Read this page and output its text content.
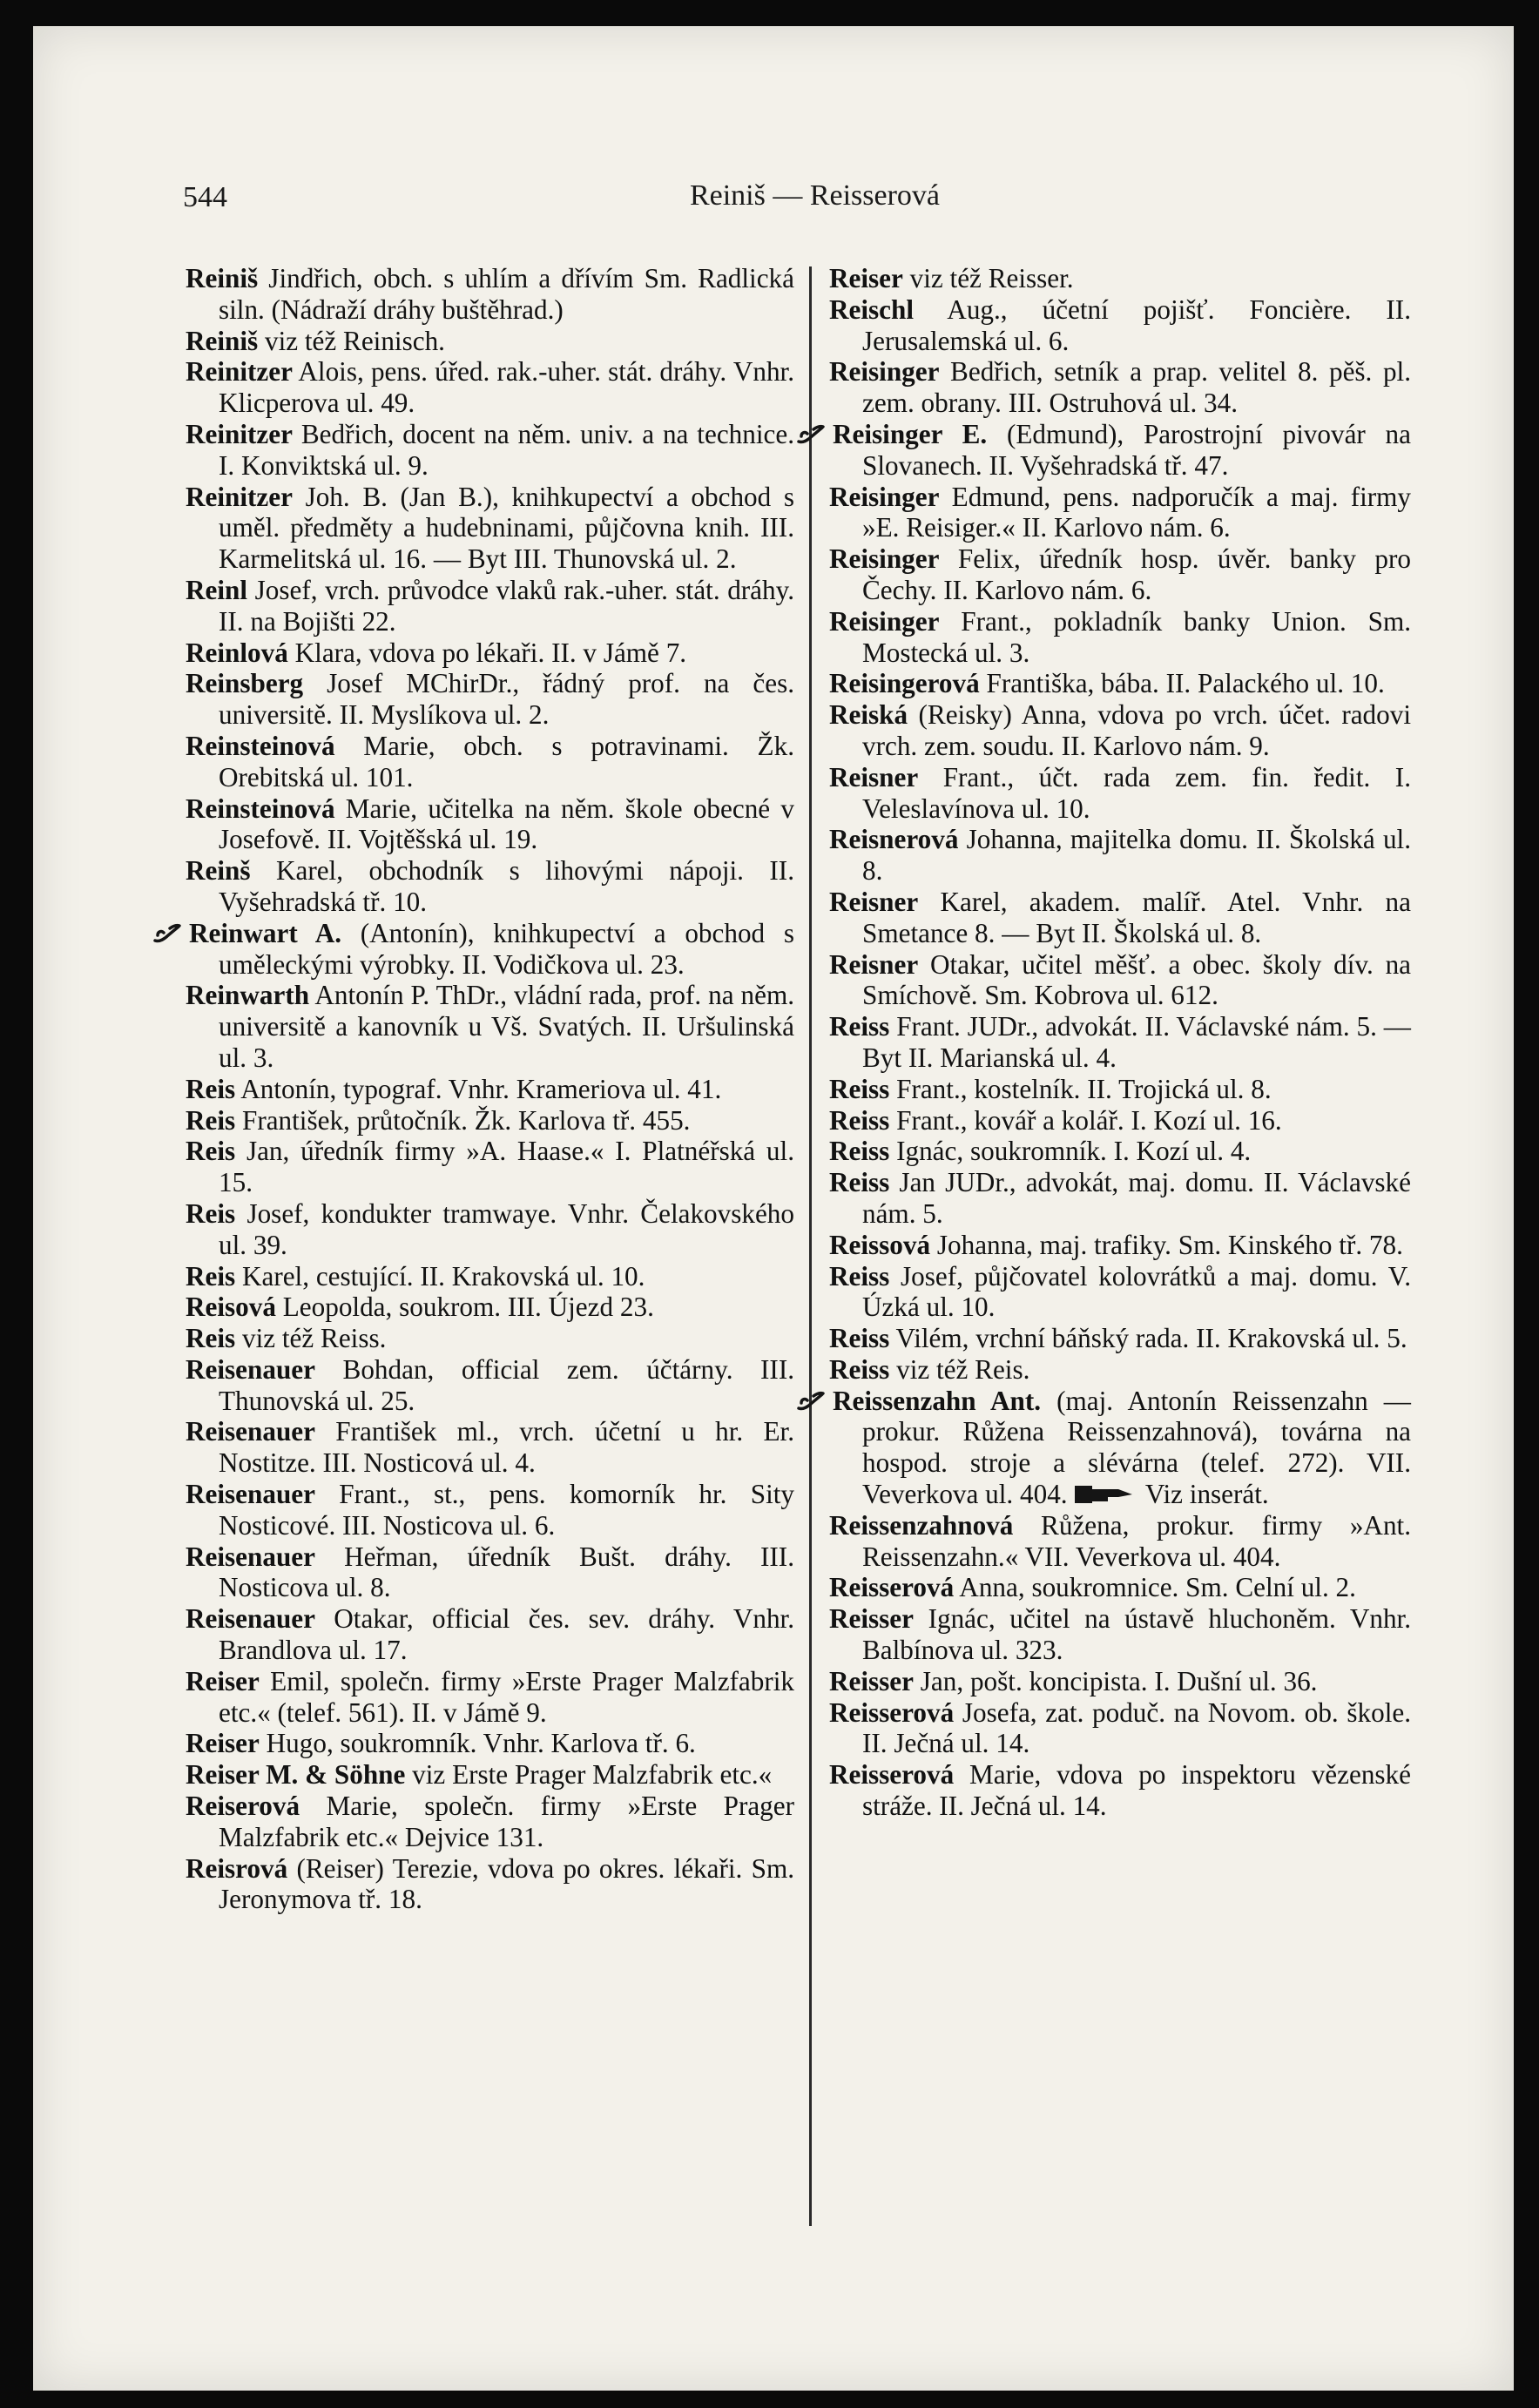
544	Reiniš — Reisserová
Reiniš Jindřich, obch. s uhlím a dřívím Sm. Radlická siln. (Nádraží dráhy buštěhrad.)
Reiniš viz též Reinisch.
Reinitzer Alois, pens. úřed. rak.-uher. stát. dráhy. Vnhr. Klicperova ul. 49.
Reinitzer Bedřich, docent na něm. univ. a na technice. I. Konviktská ul. 9.
Reinitzer Joh. B. (Jan B.), knihkupectví a obchod s uměl. předměty a hudebninami, půjčovna knih. III. Karmelitská ul. 16. — Byt III. Thunovská ul. 2.
Reinl Josef, vrch. průvodce vlaků rak.-uher. stát. dráhy. II. na Bojišti 22.
Reinlová Klara, vdova po lékaři. II. v Jámě 7.
Reinsberg Josef MChirDr., řádný prof. na čes. universitě. II. Myslíkova ul. 2.
Reinsteinová Marie, obch. s potravinami. Žk. Orebitská ul. 101.
Reinsteinová Marie, učitelka na něm. škole obecné v Josefově. II. Vojtěšská ul. 19.
Reinš Karel, obchodník s lihovými nápoji. II. Vyšehradská tř. 10.
Reinwart A. (Antonín), knihkupectví a obchod s uměleckými výrobky. II. Vodičkova ul. 23.
Reinwarth Antonín P. ThDr., vládní rada, prof. na něm. universitě a kanovník u Vš. Svatých. II. Uršulinská ul. 3.
Reis Antonín, typograf. Vnhr. Krameriova ul. 41.
Reis František, průtočník. Žk. Karlova tř. 455.
Reis Jan, úředník firmy »A. Haase.« I. Platnéřská ul. 15.
Reis Josef, kondukter tramwaye. Vnhr. Čelakovského ul. 39.
Reis Karel, cestující. II. Krakovská ul. 10.
Reisová Leopolda, soukrom. III. Újezd 23.
Reis viz též Reiss.
Reisenauer Bohdan, official zem. účtárny. III. Thunovská ul. 25.
Reisenauer František ml., vrch. účetní u hr. Er. Nostitze. III. Nosticová ul. 4.
Reisenauer Frant., st., pens. komorník hr. Sity Nosticové. III. Nosticova ul. 6.
Reisenauer Heřman, úředník Bušt. dráhy. III. Nosticova ul. 8.
Reisenauer Otakar, official čes. sev. dráhy. Vnhr. Brandlova ul. 17.
Reiser Emil, společn. firmy »Erste Prager Malzfabrik etc.« (telef. 561). II. v Jámě 9.
Reiser Hugo, soukromník. Vnhr. Karlova tř. 6.
Reiser M. & Söhne viz Erste Prager Malzfabrik etc.«
Reiserová Marie, společn. firmy »Erste Prager Malzfabrik etc.« Dejvice 131.
Reisrová (Reiser) Terezie, vdova po okres. lékaři. Sm. Jeronymova tř. 18.
Reiser viz též Reisser.
Reischl Aug., účetní pojišť. Foncière. II. Jerusalemská ul. 6.
Reisinger Bedřich, setník a prap. velitel 8. pěš. pl. zem. obrany. III. Ostruhová ul. 34.
Reisinger E. (Edmund), Parostrojní pivovár na Slovanech. II. Vyšehradská tř. 47.
Reisinger Edmund, pens. nadporučík a maj. firmy »E. Reisiger.« II. Karlovo nám. 6.
Reisinger Felix, úředník hosp. úvěr. banky pro Čechy. II. Karlovo nám. 6.
Reisinger Frant., pokladník banky Union. Sm. Mostecká ul. 3.
Reisingerová Františka, bába. II. Palackého ul. 10.
Reiská (Reisky) Anna, vdova po vrch. účet. radovi vrch. zem. soudu. II. Karlovo nám. 9.
Reisner Frant., účt. rada zem. fin. ředit. I. Veleslavínova ul. 10.
Reisnerová Johanna, majitelka domu. II. Školská ul. 8.
Reisner Karel, akadem. malíř. Atel. Vnhr. na Smetance 8. — Byt II. Školská ul. 8.
Reisner Otakar, učitel měšť. a obec. školy dív. na Smíchově. Sm. Kobrova ul. 612.
Reiss Frant. JUDr., advokát. II. Václavské nám. 5. — Byt II. Marianská ul. 4.
Reiss Frant., kostelník. II. Trojická ul. 8.
Reiss Frant., kovář a kolář. I. Kozí ul. 16.
Reiss Ignác, soukromník. I. Kozí ul. 4.
Reiss Jan JUDr., advokát, maj. domu. II. Václavské nám. 5.
Reissová Johanna, maj. trafiky. Sm. Kinského tř. 78.
Reiss Josef, půjčovatel kolovrátků a maj. domu. V. Úzká ul. 10.
Reiss Vilém, vrchní báňský rada. II. Krakovská ul. 5.
Reiss viz též Reis.
Reissenzahn Ant. (maj. Antonín Reissenzahn — prokur. Růžena Reissenzahnová), továrna na hospod. stroje a slévárna (telef. 272). VII. Veverkova ul. 404.	Viz inserát.
Reissenzahnová Růžena, prokur. firmy »Ant. Reissenzahn.« VII. Veverkova ul. 404.
Reisserová Anna, soukromnice. Sm. Celní ul. 2.
Reisser Ignác, učitel na ústavě hluchoněm. Vnhr. Balbínova ul. 323.
Reisser Jan, pošt. koncipista. I. Dušní ul. 36.
Reisserová Josefa, zat. poduč. na Novom. ob. škole. II. Ječná ul. 14.
Reisserová Marie, vdova po inspektoru vězenské stráže. II. Ječná ul. 14.
